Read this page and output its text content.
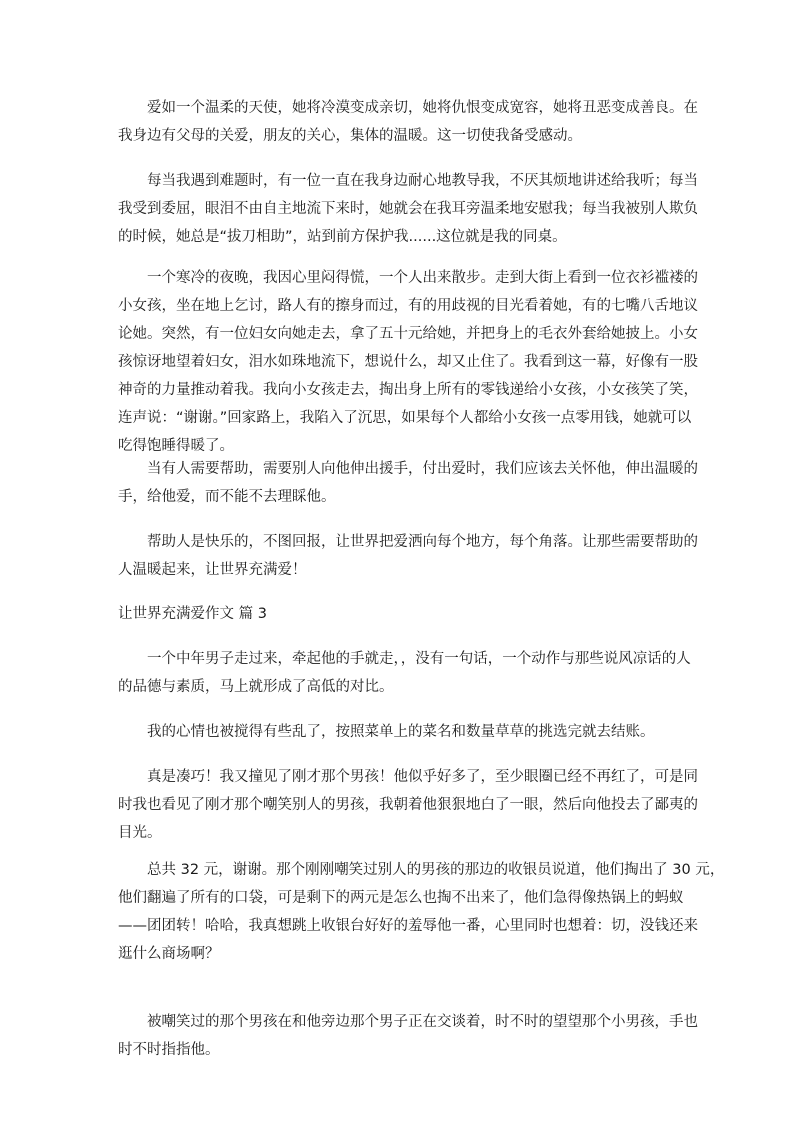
　　爱如一个温柔的天使，她将冷漠变成亲切，她将仇恨变成宽容，她将丑恶变成善良。在
我身边有父母的关爱，朋友的关心，集体的温暖。这一切使我备受感动。

　　每当我遇到难题时，有一位一直在我身边耐心地教导我，不厌其烦地讲述给我听；每当
我受到委屈，眼泪不由自主地流下来时，她就会在我耳旁温柔地安慰我；每当我被别人欺负
的时候，她总是“拔刀相助”，站到前方保护我......这位就是我的同桌。

　　一个寒冷的夜晚，我因心里闷得慌，一个人出来散步。走到大街上看到一位衣衫褴褛的
小女孩，坐在地上乞讨，路人有的擦身而过，有的用歧视的目光看着她，有的七嘴八舌地议
论她。突然，有一位妇女向她走去，拿了五十元给她，并把身上的毛衣外套给她披上。小女
孩惊讶地望着妇女，泪水如珠地流下，想说什么，却又止住了。我看到这一幕，好像有一股
神奇的力量推动着我。我向小女孩走去，掏出身上所有的零钱递给小女孩，小女孩笑了笑，
连声说：“谢谢。”回家路上，我陷入了沉思，如果每个人都给小女孩一点零用钱，她就可以
吃得饱睡得暖了。

　　当有人需要帮助，需要别人向他伸出援手，付出爱时，我们应该去关怀他，伸出温暖的
手，给他爱，而不能不去理睬他。

　　帮助人是快乐的，不图回报，让世界把爱洒向每个地方，每个角落。让那些需要帮助的
人温暖起来，让世界充满爱！

让世界充满爱作文 篇 3

　　一个中年男子走过来，牵起他的手就走，，没有一句话，一个动作与那些说风凉话的人
的品德与素质，马上就形成了高低的对比。

　　我的心情也被搅得有些乱了，按照菜单上的菜名和数量草草的挑选完就去结账。

　　真是凑巧！我又撞见了刚才那个男孩！他似乎好多了，至少眼圈已经不再红了，可是同
时我也看见了刚才那个嘲笑别人的男孩，我朝着他狠狠地白了一眼，然后向他投去了鄙夷的
目光。

　　总共 32 元，谢谢。那个刚刚嘲笑过别人的男孩的那边的收银员说道，他们掏出了 30 元，
他们翻遍了所有的口袋，可是剩下的两元是怎么也掏不出来了，他们急得像热锅上的蚂蚁
——团团转！哈哈，我真想跳上收银台好好的羞辱他一番，心里同时也想着：切，没钱还来
逛什么商场啊？

　　被嘲笑过的那个男孩在和他旁边那个男子正在交谈着，时不时的望望那个小男孩，手也
时不时指指他。
